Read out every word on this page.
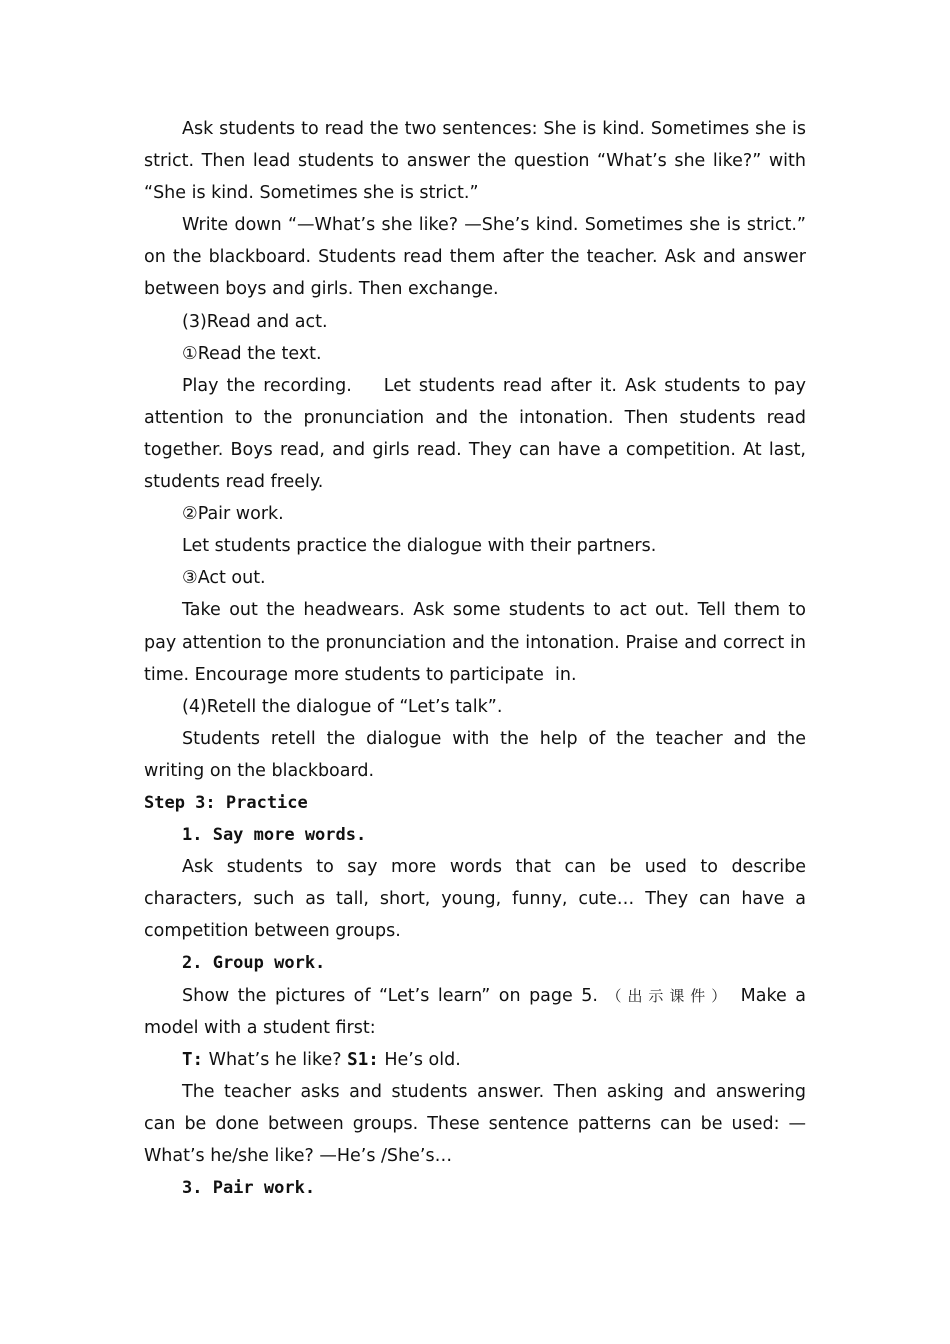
Ask students to read the two sentences: She is kind. Sometimes she is strict. Then lead students to answer the question “What’s she like?” with “She is kind. Sometimes she is strict.”

Write down “—What’s she like? —She’s kind. Sometimes she is strict.” on the blackboard. Students read them after the teacher. Ask and answer between boys and girls. Then exchange.

(3)Read and act.

①Read the text.

Play the recording.    Let students read after it. Ask students to pay attention to the pronunciation and the intonation. Then students read together. Boys read, and girls read. They can have a competition. At last, students read freely.

②Pair work.

Let students practice the dialogue with their partners.

③Act out.

Take out the headwears. Ask some students to act out. Tell them to pay attention to the pronunciation and the intonation. Praise and correct in time. Encourage more students to participate  in.

(4)Retell the dialogue of “Let’s talk”.

Students retell the dialogue with the help of the teacher and the writing on the blackboard.

Step 3: Practice

1. Say more words.

Ask students to say more words that can be used to describe characters, such as tall, short, young, funny, cute… They can have a competition between groups.

2. Group work.

Show the pictures of “Let’s learn” on page 5. （出示课件） Make a model with a student first:

T: What’s he like? S1: He’s old.

The teacher asks and students answer. Then asking and answering can be done between groups. These sentence patterns can be used: —What’s he/she like? —He’s /She’s…

3. Pair work.
